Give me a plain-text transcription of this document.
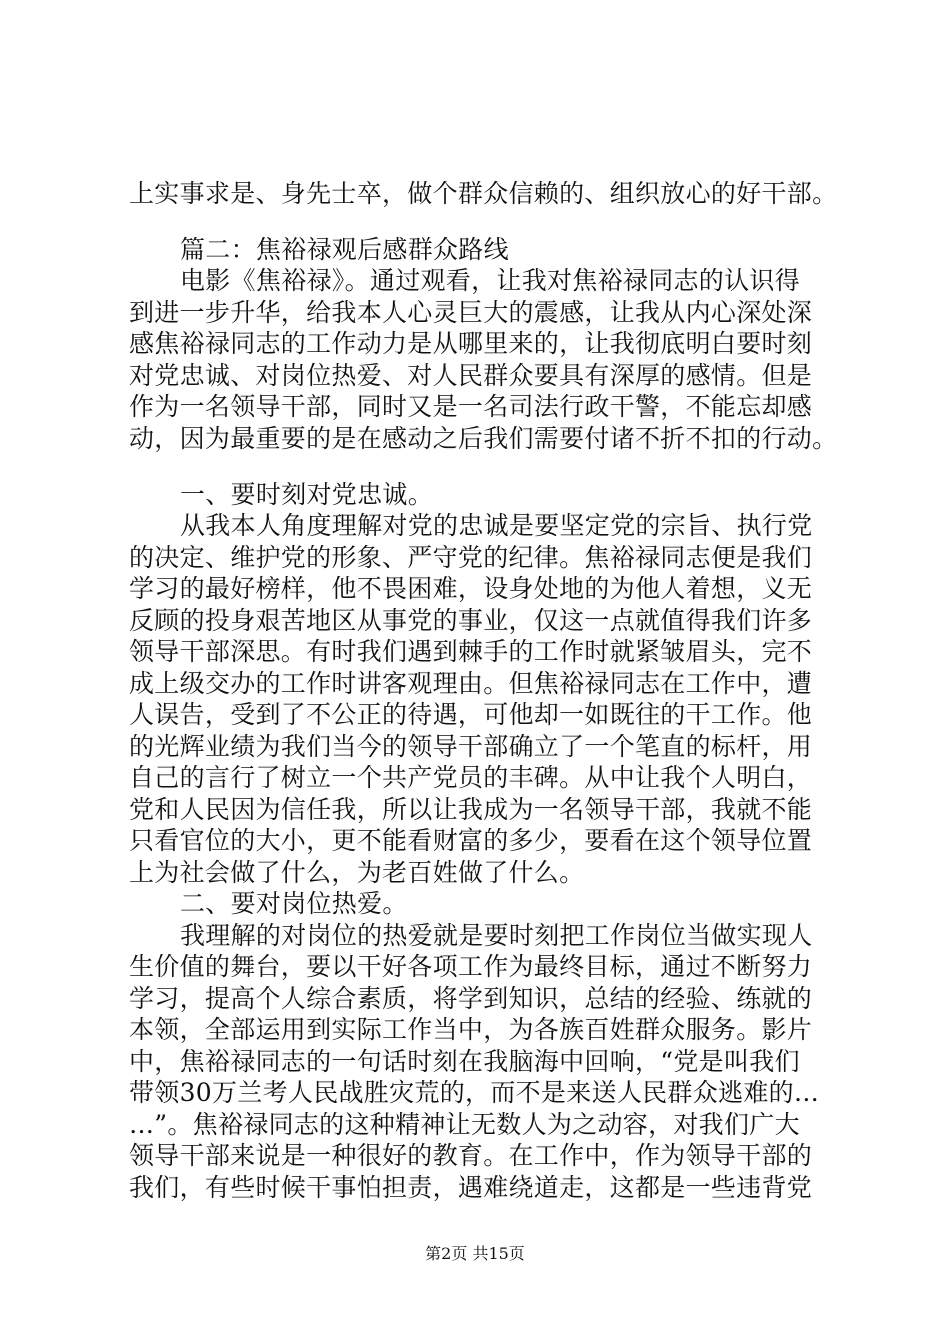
上实事求是、身先士卒，做个群众信赖的、组织放心的好干部。
篇二：焦裕禄观后感群众路线
电影《焦裕禄》。通过观看，让我对焦裕禄同志的认识得
到进一步升华，给我本人心灵巨大的震感，让我从内心深处深
感焦裕禄同志的工作动力是从哪里来的，让我彻底明白要时刻
对党忠诚、对岗位热爱、对人民群众要具有深厚的感情。但是
作为一名领导干部，同时又是一名司法行政干警，不能忘却感
动，因为最重要的是在感动之后我们需要付诸不折不扣的行动。
一、要时刻对党忠诚。
从我本人角度理解对党的忠诚是要坚定党的宗旨、执行党
的决定、维护党的形象、严守党的纪律。焦裕禄同志便是我们
学习的最好榜样，他不畏困难，设身处地的为他人着想，义无
反顾的投身艰苦地区从事党的事业，仅这一点就值得我们许多
领导干部深思。有时我们遇到棘手的工作时就紧皱眉头，完不
成上级交办的工作时讲客观理由。但焦裕禄同志在工作中，遭
人误告，受到了不公正的待遇，可他却一如既往的干工作。他
的光辉业绩为我们当今的领导干部确立了一个笔直的标杆，用
自己的言行了树立一个共产党员的丰碑。从中让我个人明白，
党和人民因为信任我，所以让我成为一名领导干部，我就不能
只看官位的大小，更不能看财富的多少，要看在这个领导位置
上为社会做了什么，为老百姓做了什么。
二、要对岗位热爱。
我理解的对岗位的热爱就是要时刻把工作岗位当做实现人
生价值的舞台，要以干好各项工作为最终目标，通过不断努力
学习，提高个人综合素质，将学到知识，总结的经验、练就的
本领，全部运用到实际工作当中，为各族百姓群众服务。影片
中，焦裕禄同志的一句话时刻在我脑海中回响，“党是叫我们
带领30万兰考人民战胜灾荒的，而不是来送人民群众逃难的…
…”。焦裕禄同志的这种精神让无数人为之动容，对我们广大
领导干部来说是一种很好的教育。在工作中，作为领导干部的
我们，有些时候干事怕担责，遇难绕道走，这都是一些违背党
第2页 共15页
